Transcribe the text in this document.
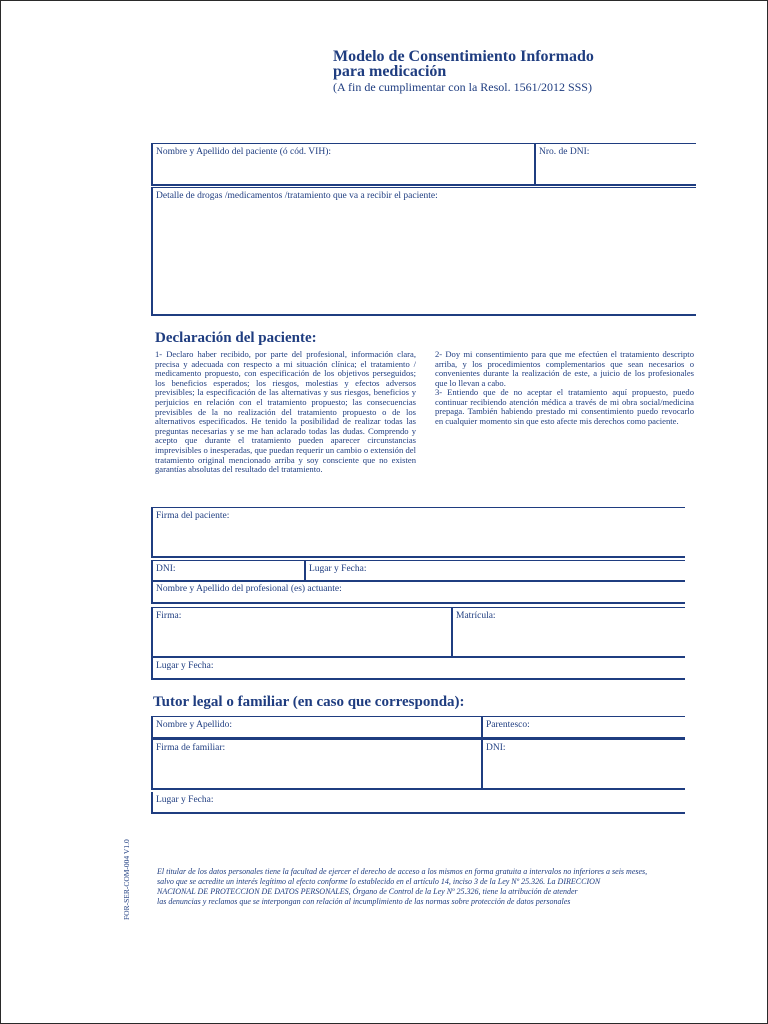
Modelo de Consentimiento Informado
para medicación
(A fin de cumplimentar con la Resol. 1561/2012 SSS)
Nombre y Apellido del paciente (ó cód. VIH):	Nro. de DNI:
Detalle de drogas /medicamentos /tratamiento que va a recibir el paciente:
Declaración del paciente:
1- Declaro haber recibido, por parte del profesional, información clara, precisa y adecuada con respecto a mi situación clínica; el tratamiento / medicamento propuesto, con especificación de los objetivos perseguidos; los beneficios esperados; los riesgos, molestias y efectos adversos previsibles; la especificación de las alternativas y sus riesgos, beneficios y perjuicios en relación con el tratamiento propuesto; las consecuencias previsibles de la no realización del tratamiento propuesto o de los alternativos especificados. He tenido la posibilidad de realizar todas las preguntas necesarias y se me han aclarado todas las dudas. Comprendo y acepto que durante el tratamiento pueden aparecer circunstancias imprevisibles o inesperadas, que puedan requerir un cambio o extensión del tratamiento original mencionado arriba y soy consciente que no existen garantías absolutas del resultado del tratamiento.
2- Doy mi consentimiento para que me efectúen el tratamiento descripto arriba, y los procedimientos complementarios que sean necesarios o convenientes durante la realización de este, a juicio de los profesionales que lo llevan a cabo.
3- Entiendo que de no aceptar el tratamiento aquí propuesto, puedo continuar recibiendo atención médica a través de mi obra social/medicina prepaga. También habiendo prestado mi consentimiento puedo revocarlo en cualquier momento sin que esto afecte mis derechos como paciente.
Firma del paciente:
DNI:	Lugar y Fecha:
Nombre y Apellido del profesional (es) actuante:
Firma:	Matrícula:
Lugar y Fecha:
Tutor legal o familiar (en caso que corresponda):
Nombre y Apellido:	Parentesco:
Firma de familiar:	DNI:
Lugar y Fecha:
FOR-SER-COM-004 V1.0	El titular de los datos personales tiene la facultad de ejercer el derecho de acceso a los mismos en forma gratuita a intervalos no inferiores a seis meses,
salvo que se acredite un interés legítimo al efecto conforme lo establecido en el artículo 14, inciso 3 de la Ley Nº 25.326. La DIRECCION
NACIONAL DE PROTECCION DE DATOS PERSONALES, Órgano de Control de la Ley Nº 25.326, tiene la atribución de atender
las denuncias y reclamos que se interpongan con relación al incumplimiento de las normas sobre protección de datos personales
